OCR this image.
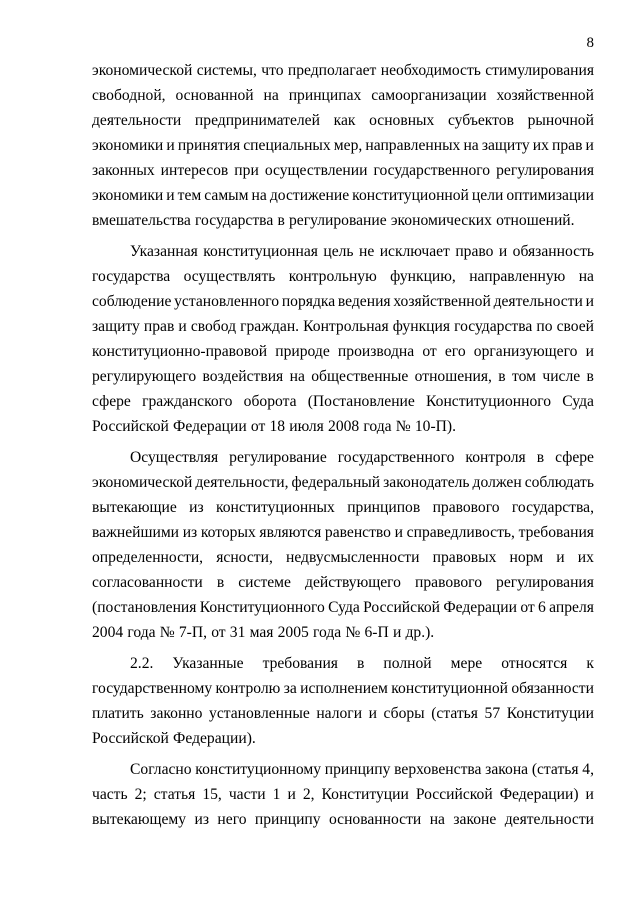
8
экономической системы, что предполагает необходимость стимулирования
свободной, основанной на принципах самоорганизации хозяйственной
деятельности предпринимателей как основных субъектов рыночной
экономики и принятия специальных мер, направленных на защиту их прав и
законных интересов при осуществлении государственного регулирования
экономики и тем самым на достижение конституционной цели оптимизации
вмешательства государства в регулирование экономических отношений.
Указанная конституционная цель не исключает право и обязанность
государства осуществлять контрольную функцию, направленную на
соблюдение установленного порядка ведения хозяйственной деятельности и
защиту прав и свобод граждан. Контрольная функция государства по своей
конституционно-правовой природе производна от его организующего и
регулирующего воздействия на общественные отношения, в том числе в
сфере гражданского оборота (Постановление Конституционного Суда
Российской Федерации от 18 июля 2008 года № 10-П).
Осуществляя регулирование государственного контроля в сфере
экономической деятельности, федеральный законодатель должен соблюдать
вытекающие из конституционных принципов правового государства,
важнейшими из которых являются равенство и справедливость, требования
определенности, ясности, недвусмысленности правовых норм и их
согласованности в системе действующего правового регулирования
(постановления Конституционного Суда Российской Федерации от 6 апреля
2004 года № 7-П, от 31 мая 2005 года № 6-П и др.).
2.2. Указанные требования в полной мере относятся к
государственному контролю за исполнением конституционной обязанности
платить законно установленные налоги и сборы (статья 57 Конституции
Российской Федерации).
Согласно конституционному принципу верховенства закона (статья 4,
часть 2; статья 15, части 1 и 2, Конституции Российской Федерации) и
вытекающему из него принципу основанности на законе деятельности
